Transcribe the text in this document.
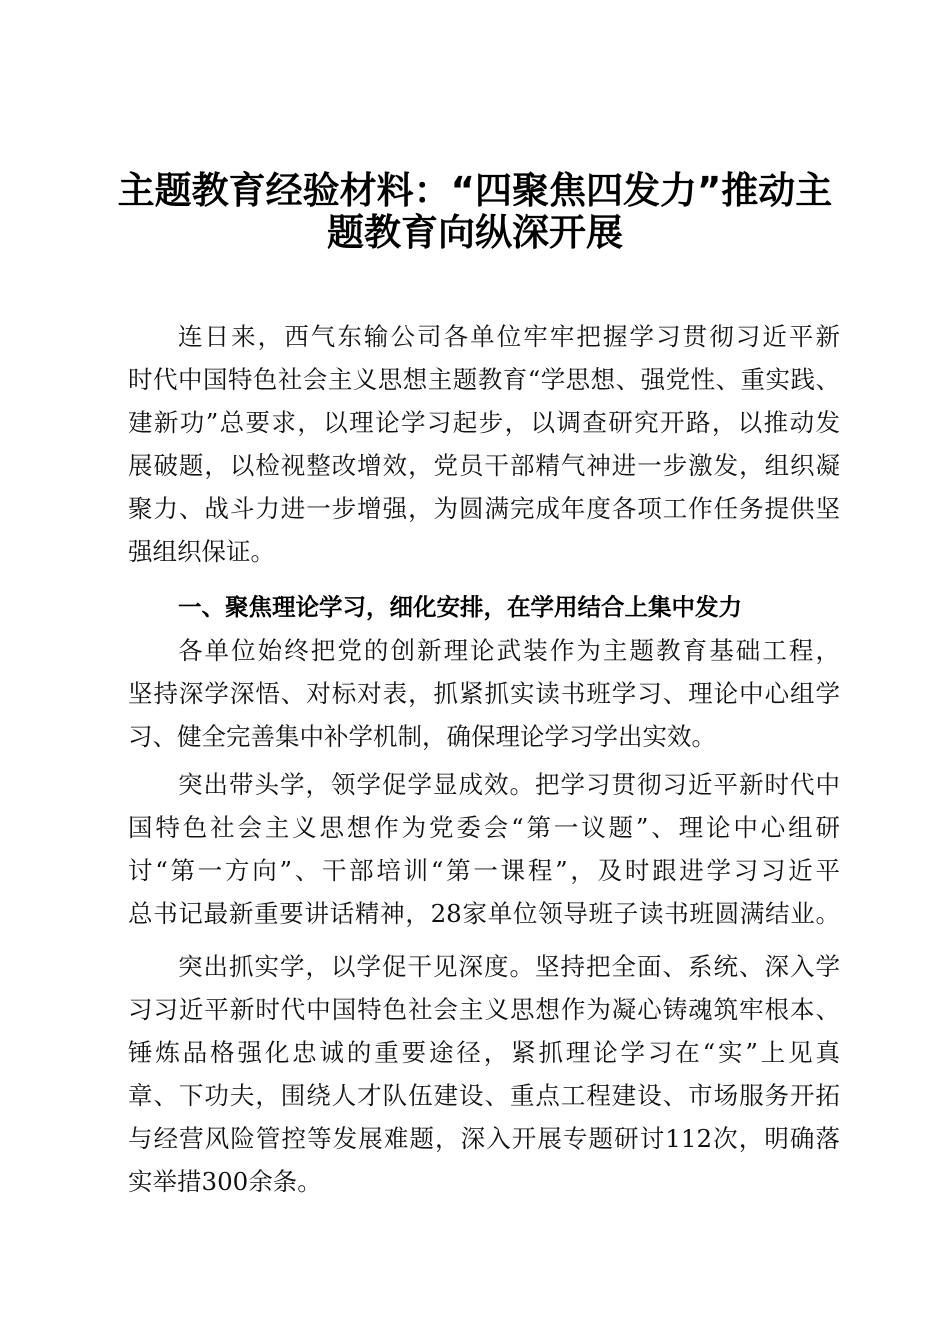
主题教育经验材料：“四聚焦四发力”推动主
题教育向纵深开展
连日来，西气东输公司各单位牢牢把握学习贯彻习近平新
时代中国特色社会主义思想主题教育“学思想、强党性、重实践、
建新功”总要求，以理论学习起步，以调查研究开路，以推动发
展破题，以检视整改增效，党员干部精气神进一步激发，组织凝
聚力、战斗力进一步增强，为圆满完成年度各项工作任务提供坚
强组织保证。
一、聚焦理论学习，细化安排，在学用结合上集中发力
各单位始终把党的创新理论武装作为主题教育基础工程，
坚持深学深悟、对标对表，抓紧抓实读书班学习、理论中心组学
习、健全完善集中补学机制，确保理论学习学出实效。
突出带头学，领学促学显成效。把学习贯彻习近平新时代中
国特色社会主义思想作为党委会“第一议题”、理论中心组研
讨“第一方向”、干部培训“第一课程”，及时跟进学习习近平
总书记最新重要讲话精神，28家单位领导班子读书班圆满结业。
突出抓实学，以学促干见深度。坚持把全面、系统、深入学
习习近平新时代中国特色社会主义思想作为凝心铸魂筑牢根本、
锤炼品格强化忠诚的重要途径，紧抓理论学习在“实”上见真
章、下功夫，围绕人才队伍建设、重点工程建设、市场服务开拓
与经营风险管控等发展难题，深入开展专题研讨112次，明确落
实举措300余条。
